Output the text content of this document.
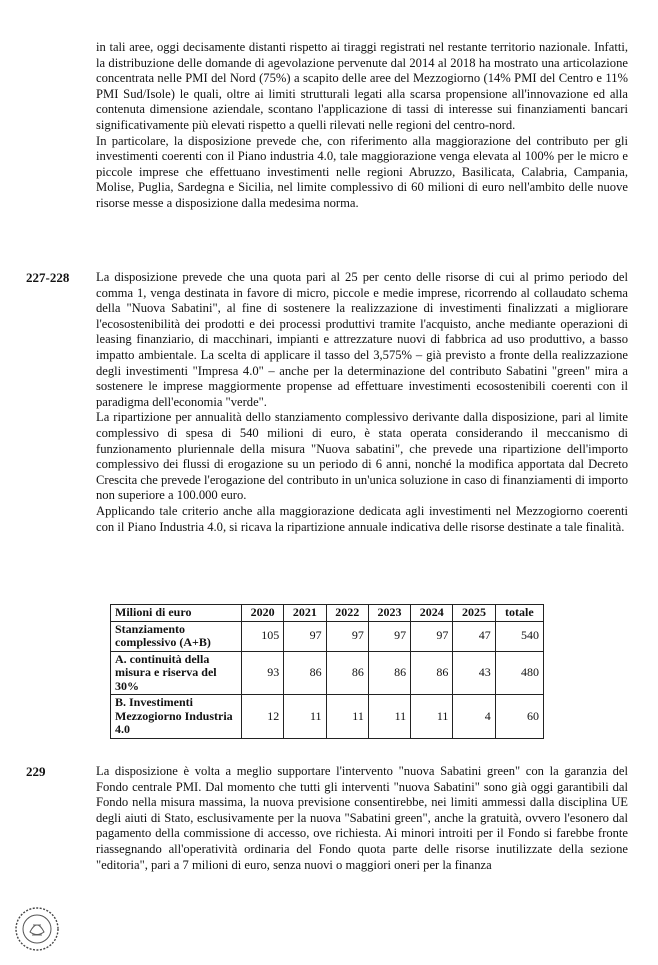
in tali aree, oggi decisamente distanti rispetto ai tiraggi registrati nel restante territorio nazionale. Infatti, la distribuzione delle domande di agevolazione pervenute dal 2014 al 2018 ha mostrato una articolazione concentrata nelle PMI del Nord (75%) a scapito delle aree del Mezzogiorno (14% PMI del Centro e 11% PMI Sud/Isole) le quali, oltre ai limiti strutturali legati alla scarsa propensione all'innovazione ed alla contenuta dimensione aziendale, scontano l'applicazione di tassi di interesse sui finanziamenti bancari significativamente più elevati rispetto a quelli rilevati nelle regioni del centro-nord.

In particolare, la disposizione prevede che, con riferimento alla maggiorazione del contributo per gli investimenti coerenti con il Piano industria 4.0, tale maggiorazione venga elevata al 100% per le micro e piccole imprese che effettuano investimenti nelle regioni Abruzzo, Basilicata, Calabria, Campania, Molise, Puglia, Sardegna e Sicilia, nel limite complessivo di 60 milioni di euro nell'ambito delle nuove risorse messe a disposizione dalla medesima norma.

227-228 La disposizione prevede che una quota pari al 25 per cento delle risorse di cui al primo periodo del comma 1, venga destinata in favore di micro, piccole e medie imprese, ricorrendo al collaudato schema della "Nuova Sabatini", al fine di sostenere la realizzazione di investimenti finalizzati a migliorare l'ecosostenibilità dei prodotti e dei processi produttivi tramite l'acquisto, anche mediante operazioni di leasing finanziario, di macchinari, impianti e attrezzature nuovi di fabbrica ad uso produttivo, a basso impatto ambientale. La scelta di applicare il tasso del 3,575% – già previsto a fronte della realizzazione degli investimenti "Impresa 4.0" – anche per la determinazione del contributo Sabatini "green" mira a sostenere le imprese maggiormente propense ad effettuare investimenti ecosostenibili coerenti con il paradigma dell'economia "verde".

La ripartizione per annualità dello stanziamento complessivo derivante dalla disposizione, pari al limite complessivo di spesa di 540 milioni di euro, è stata operata considerando il meccanismo di funzionamento pluriennale della misura "Nuova sabatini", che prevede una ripartizione dell'importo complessivo dei flussi di erogazione su un periodo di 6 anni, nonché la modifica apportata dal Decreto Crescita che prevede l'erogazione del contributo in un'unica soluzione in caso di finanziamenti di importo non superiore a 100.000 euro.

Applicando tale criterio anche alla maggiorazione dedicata agli investimenti nel Mezzogiorno coerenti con il Piano Industria 4.0, si ricava la ripartizione annuale indicativa delle risorse destinate a tale finalità.

Milioni di euro	2020	2021	2022	2023	2024	2025	totale
Stanziamento complessivo (A+B)	105	97	97	97	97	47	540
A. continuità della misura e riserva del 30%	93	86	86	86	86	43	480
B. Investimenti Mezzogiorno Industria 4.0	12	11	11	11	11	4	60
229	La disposizione è volta a meglio supportare l'intervento "nuova Sabatini green" con la garanzia del Fondo centrale PMI. Dal momento che tutti gli interventi "nuova Sabatini" sono già oggi garantibili dal Fondo nella misura massima, la nuova previsione consentirebbe, nei limiti ammessi dalla disciplina UE degli aiuti di Stato, esclusivamente per la nuova "Sabatini green", anche la gratuità, ovvero l'esonero dal pagamento della commissione di accesso, ove richiesta. Ai minori introiti per il Fondo si farebbe fronte riassegnando all'operatività ordinaria del Fondo quota parte delle risorse inutilizzate della sezione "editoria", pari a 7 milioni di euro, senza nuovi o maggiori oneri per la finanza
